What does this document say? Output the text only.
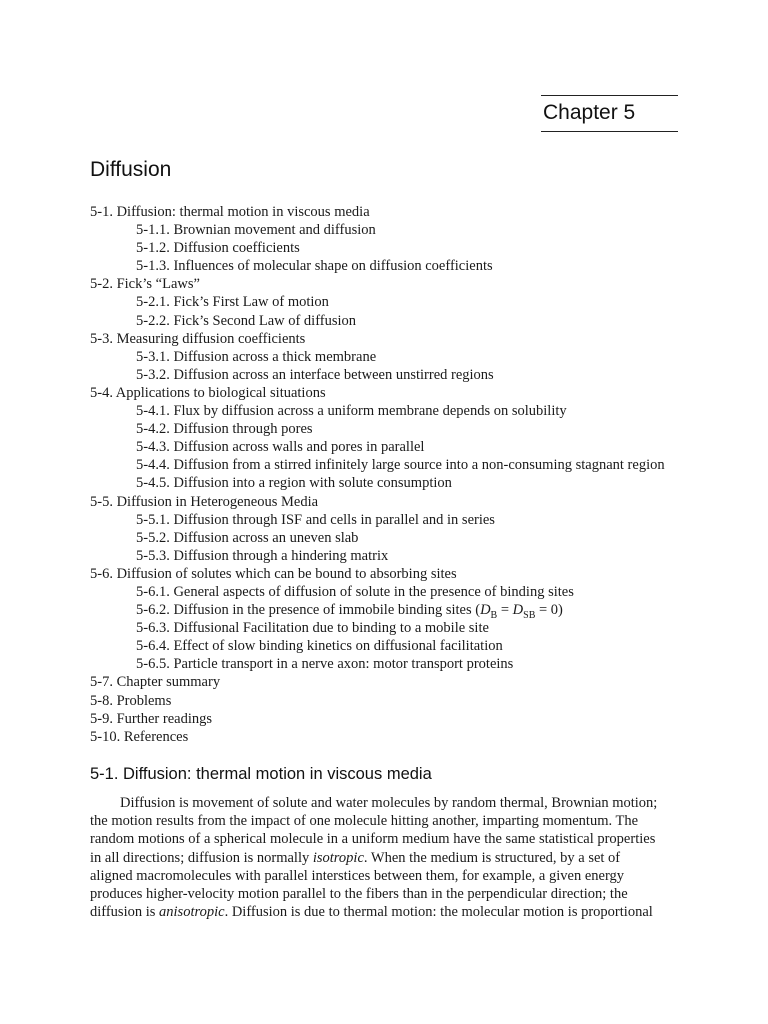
Chapter 5
Diffusion
5-1. Diffusion: thermal motion in viscous media
5-1.1. Brownian movement and diffusion
5-1.2. Diffusion coefficients
5-1.3. Influences of molecular shape on diffusion coefficients
5-2. Fick’s “Laws”
5-2.1. Fick’s First Law of motion
5-2.2. Fick’s Second Law of diffusion
5-3. Measuring diffusion coefficients
5-3.1. Diffusion across a thick membrane
5-3.2. Diffusion across an interface between unstirred regions
5-4. Applications to biological situations
5-4.1. Flux by diffusion across a uniform membrane depends on solubility
5-4.2. Diffusion through pores
5-4.3. Diffusion across walls and pores in parallel
5-4.4. Diffusion from a stirred infinitely large source into a non-consuming stagnant region
5-4.5. Diffusion into a region with solute consumption
5-5. Diffusion in Heterogeneous Media
5-5.1. Diffusion through ISF and cells in parallel and in series
5-5.2. Diffusion across an uneven slab
5-5.3. Diffusion through a hindering matrix
5-6. Diffusion of solutes which can be bound to absorbing sites
5-6.1. General aspects of diffusion of solute in the presence of binding sites
5-6.2. Diffusion in the presence of immobile binding sites $(D_B = D_{SB} = 0)$
5-6.3. Diffusional Facilitation due to binding to a mobile site
5-6.4. Effect of slow binding kinetics on diffusional facilitation
5-6.5. Particle transport in a nerve axon: motor transport proteins
5-7. Chapter summary
5-8. Problems
5-9. Further readings
5-10. References
5-1. Diffusion: thermal motion in viscous media

Diffusion is movement of solute and water molecules by random thermal, Brownian motion;
the motion results from the impact of one molecule hitting another, imparting momentum. The
random motions of a spherical molecule in a uniform medium have the same statistical properties
in all directions; diffusion is normally isotropic. When the medium is structured, by a set of
aligned macromolecules with parallel interstices between them, for example, a given energy
produces higher-velocity motion parallel to the fibers than in the perpendicular direction; the
diffusion is anisotropic. Diffusion is due to thermal motion: the molecular motion is proportional
